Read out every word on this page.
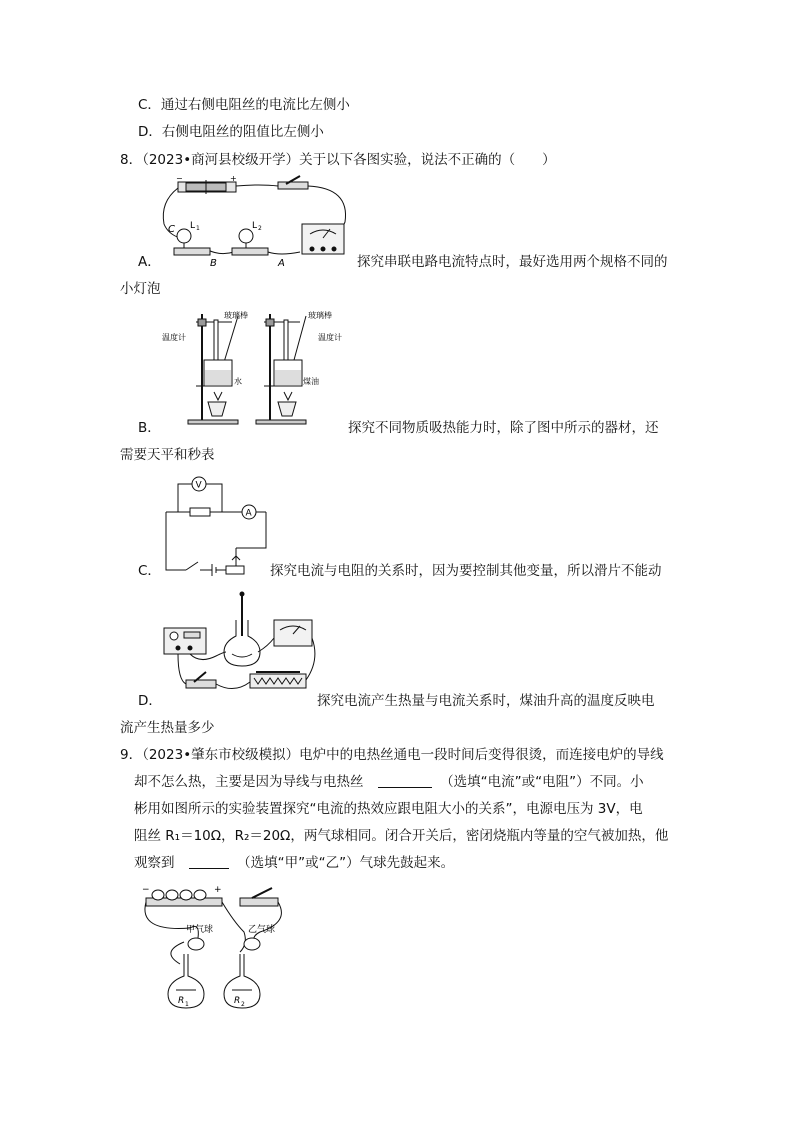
C．通过右侧电阻丝的电流比左侧小
D．右侧电阻丝的阻值比左侧小
8．（2023•商河县校级开学）关于以下各图实验，说法不正确的（　　）
C
B	A
L 1	L 2
+
−
A．	探究串联电路电流特点时，最好选用两个规格不同的
小灯泡
玻璃棒
温度计
水
玻璃棒
温度计
煤油
B．	探究不同物质吸热能力时，除了图中所示的器材，还
需要天平和秒表
V
A
C．	探究电流与电阻的关系时，因为要控制其他变量，所以滑片不能动
D．	探究电流产生热量与电流关系时，煤油升高的温度反映电
流产生热量多少
9．（2023•肇东市校级模拟）电炉中的电热丝通电一段时间后变得很烫，而连接电炉的导线
却不怎么热，主要是因为导线与电热丝	（选填“电流”或“电阻”）不同。小
彬用如图所示的实验装置探究“电流的热效应跟电阻大小的关系”，电源电压为 3V，电
阻丝 R₁＝10Ω，R₂＝20Ω，两气球相同。闭合开关后，密闭烧瓶内等量的空气被加热，他
观察到	（选填“甲”或“乙”）气球先鼓起来。
−	+
甲气球	乙气球
R 1	R 2
